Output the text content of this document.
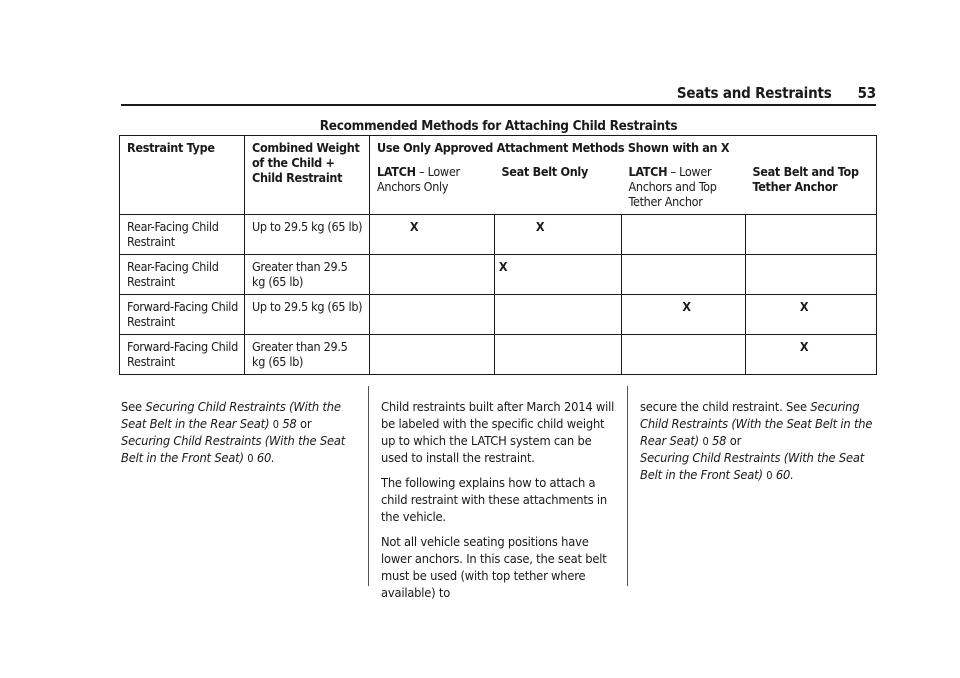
Seats and Restraints 53
Recommended Methods for Attaching Child Restraints
Restraint Type	Combined Weight of the Child + Child Restraint	Use Only Approved Attachment Methods Shown with an X			
		LATCH – Lower Anchors Only	Seat Belt Only	LATCH – Lower Anchors and Top Tether Anchor	Seat Belt and Top Tether Anchor
Rear-Facing Child Restraint	Up to 29.5 kg (65 lb)	X	X		
Rear-Facing Child Restraint	Greater than 29.5 kg (65 lb)		X		
Forward-Facing Child Restraint	Up to 29.5 kg (65 lb)			X	X
Forward-Facing Child Restraint	Greater than 29.5 kg (65 lb)				X

See Securing Child Restraints (With the Seat Belt in the Rear Seat) 0 58 or
Securing Child Restraints (With the Seat Belt in the Front Seat) 0 60.

Child restraints built after March 2014 will be labeled with the specific child weight up to which the LATCH system can be used to install the restraint.

The following explains how to attach a child restraint with these attachments in the vehicle.

Not all vehicle seating positions have lower anchors. In this case, the seat belt must be used (with top tether where available) to

secure the child restraint. See Securing Child Restraints (With the Seat Belt in the Rear Seat) 0 58 or
Securing Child Restraints (With the Seat Belt in the Front Seat) 0 60.
